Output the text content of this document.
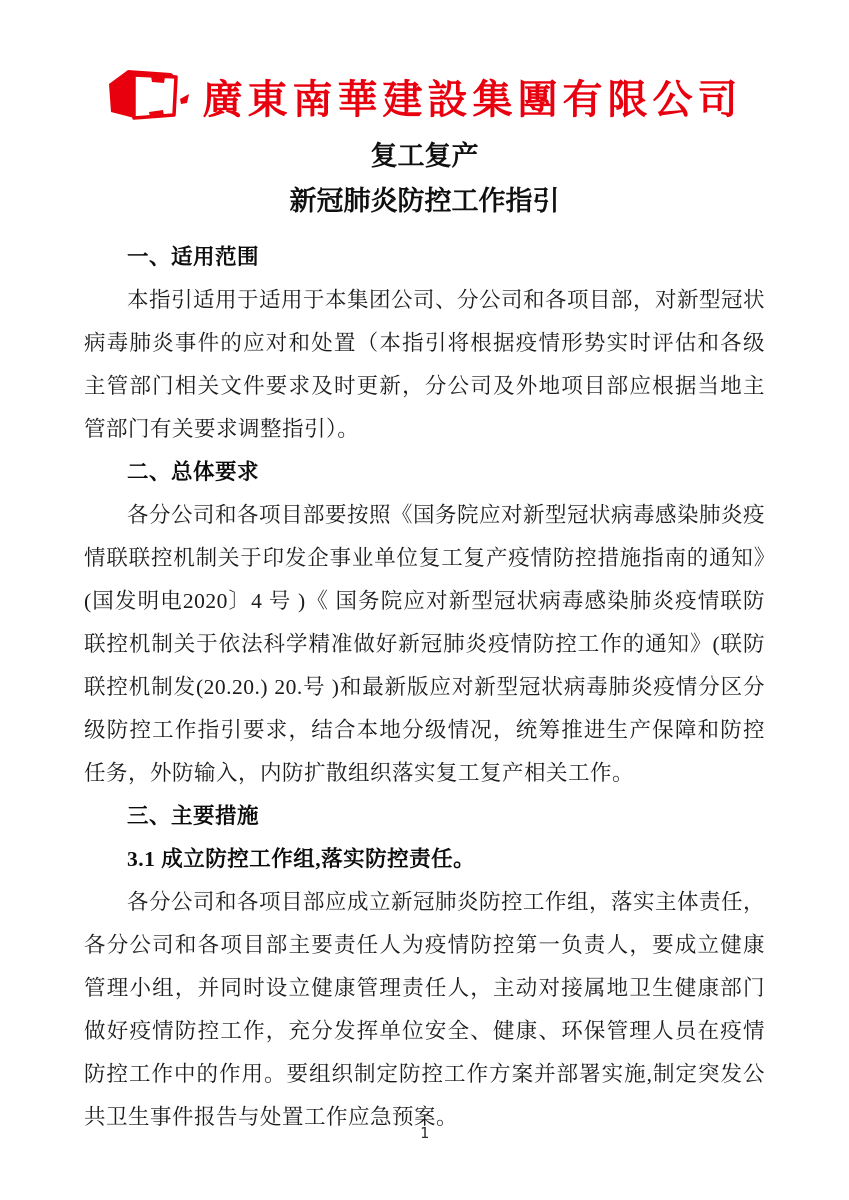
廣東南華建設集團有限公司
复工复产
新冠肺炎防控工作指引
一、适用范围

本指引适用于适用于本集团公司、分公司和各项目部，对新型冠状病毒肺炎事件的应对和处置（本指引将根据疫情形势实时评估和各级主管部门相关文件要求及时更新，分公司及外地项目部应根据当地主管部门有关要求调整指引）。

二、总体要求

各分公司和各项目部要按照《国务院应对新型冠状病毒感染肺炎疫情联联控机制关于印发企事业单位复工复产疫情防控措施指南的通知》(国发明电2020〕4 号 )《 国务院应对新型冠状病毒感染肺炎疫情联防联控机制关于依法科学精准做好新冠肺炎疫情防控工作的通知》(联防联控机制发(20.20.) 20.号 )和最新版应对新型冠状病毒肺炎疫情分区分级防控工作指引要求，结合本地分级情况，统筹推进生产保障和防控任务，外防输入，内防扩散组织落实复工复产相关工作。

三、主要措施
3.1 成立防控工作组,落实防控责任。

各分公司和各项目部应成立新冠肺炎防控工作组，落实主体责任，各分公司和各项目部主要责任人为疫情防控第一负责人，要成立健康管理小组，并同时设立健康管理责任人，主动对接属地卫生健康部门做好疫情防控工作，充分发挥单位安全、健康、环保管理人员在疫情防控工作中的作用。要组织制定防控工作方案并部署实施,制定突发公共卫生事件报告与处置工作应急预案。

1
